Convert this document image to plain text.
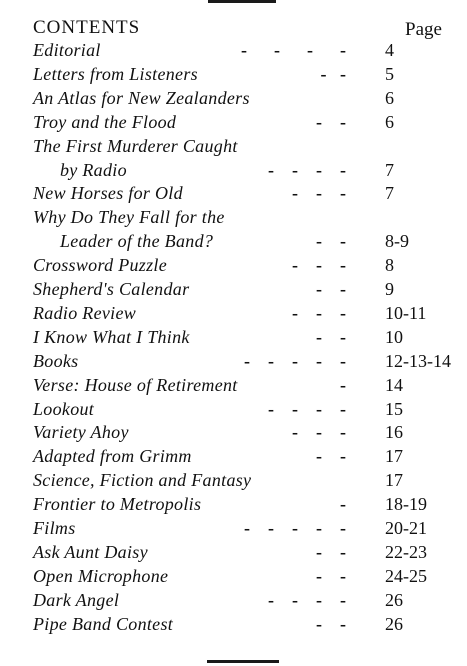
CONTENTS	Page
Editorial	-      -      -      - 4
Letters from Listeners	-   - 5
An Atlas for New Zealanders	6
Troy and the Flood	-    - 6
The First Murderer Caught
by Radio	-    -    -    - 7
New Horses for Old	-    -    - 7
Why Do They Fall for the
Leader of the Band?	-    - 8-9
Crossword Puzzle	-    -    - 8
Shepherd's Calendar	-    - 9
Radio Review	-    -    - 10-11
I Know What I Think	-    - 10
Books	-    -    -    -    - 12-13-14
Verse: House of Retirement	- 14
Lookout	-    -    -    - 15
Variety Ahoy	-    -    - 16
Adapted from Grimm	-    - 17
Science, Fiction and Fantasy	17
Frontier to Metropolis	- 18-19
Films	-    -    -    -    - 20-21
Ask Aunt Daisy	-    - 22-23
Open Microphone	-    - 24-25
Dark Angel	-    -    -    - 26
Pipe Band Contest	-    - 26
